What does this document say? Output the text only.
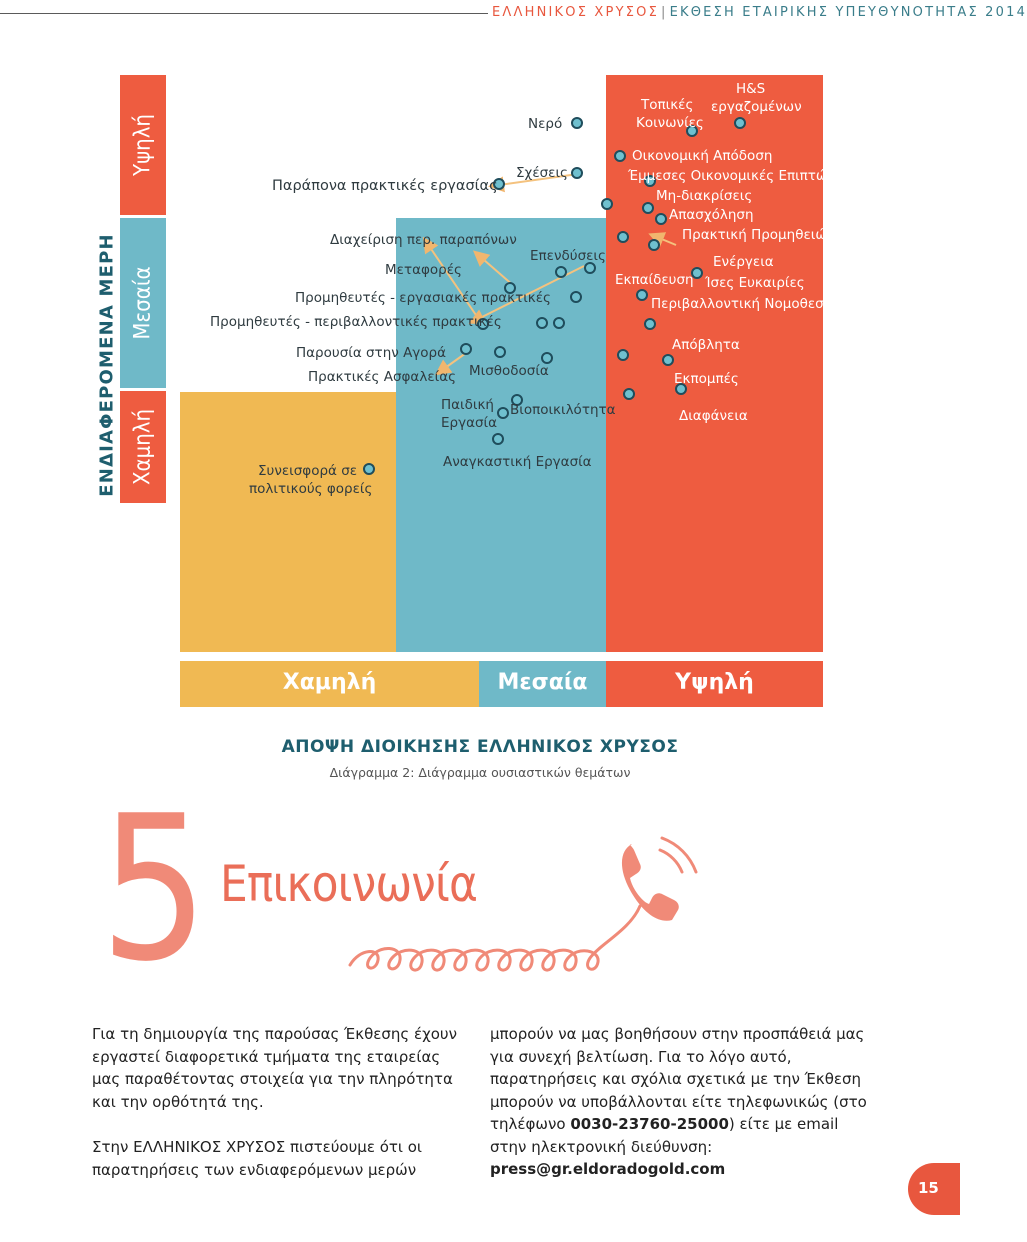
ΕΛΛΗΝΙΚΟΣ ΧΡΥΣΟΣ | ΕΚΘΕΣΗ ΕΤΑΙΡΙΚΗΣ ΥΠΕΥΘΥΝΟΤΗΤΑΣ 2014
ΕΝΔΙΑΦΕΡΟΜΕΝΑ ΜΕΡΗ
Υψηλή
Μεσαία
Χαμηλή
Νερό
Σχέσεις
Παράπονα πρακτικές εργασίας
Διαχείριση περ. παραπόνων
Μεταφορές
Επενδύσεις
Προμηθευτές - εργασιακές πρακτικές
Προμηθευτές - περιβαλλοντικές πρακτικές
Παρουσία στην Αγορά
Πρακτικές Ασφαλείας Μισθοδοσία
Παιδική
Εργασία
Βιοποικιλότητα
Αναγκαστική Εργασία
Συνεισφορά σε
πολιτικούς φορείς
Τοπικές
Κοινωνίες
H&S
εργαζομένων
Οικονομική Απόδοση
Έμμεσες Οικονομικές Επιπτώσεις
Μη-διακρίσεις
Απασχόληση
Πρακτική Προμηθειών
Ενέργεια
Εκπαίδευση Ίσες Ευκαιρίες
Περιβαλλοντική Νομοθεσία
Απόβλητα
Εκπομπές
Διαφάνεια
Χαμηλή	Μεσαία	Υψηλή
ΑΠΟΨΗ ΔΙΟΙΚΗΣΗΣ ΕΛΛΗΝΙΚΟΣ ΧΡΥΣΟΣ
Διάγραμμα 2: Διάγραμμα ουσιαστικών θεμάτων
5 Επικοινωνία

Για τη δημιουργία της παρούσας Έκθεσης έχουν εργαστεί διαφορετικά τμήματα της εταιρείας μας παραθέτοντας στοιχεία για την πληρότητα και την ορθότητά της.

Στην ΕΛΛΗΝΙΚΟΣ ΧΡΥΣΟΣ πιστεύουμε ότι οι παρατηρήσεις των ενδιαφερόμενων μερών

μπορούν να μας βοηθήσουν στην προσπάθειά μας για συνεχή βελτίωση. Για το λόγο αυτό, παρατηρήσεις και σχόλια σχετικά με την Έκθεση μπορούν να υποβάλλονται είτε τηλεφωνικώς (στο τηλέφωνο 0030-23760-25000) είτε με email στην ηλεκτρονική διεύθυνση:
press@gr.eldoradogold.com

15
